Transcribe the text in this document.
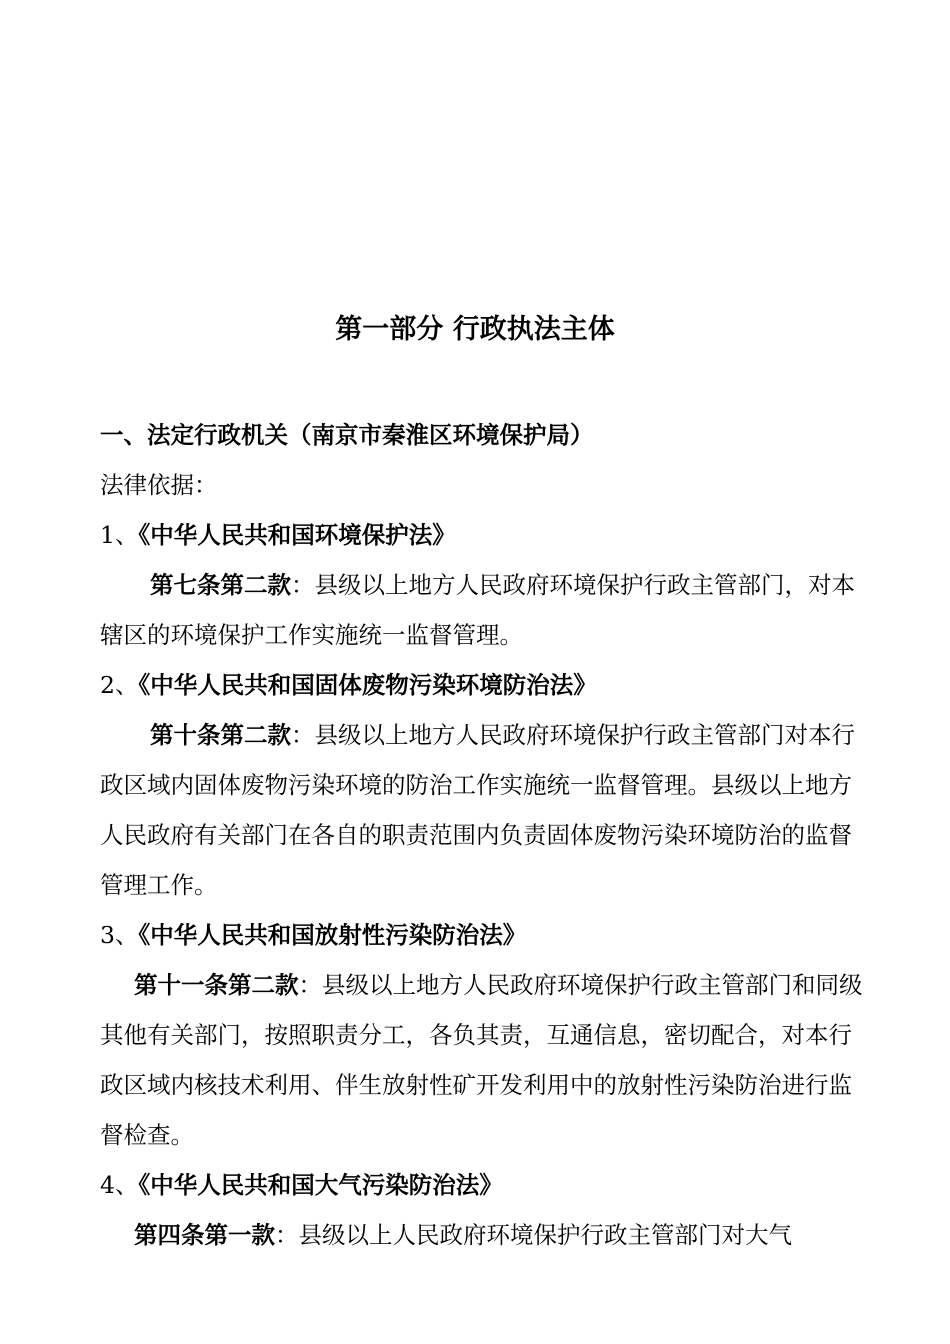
第一部分 行政执法主体

一、法定行政机关（南京市秦淮区环境保护局）

法律依据：

1、《中华人民共和国环境保护法》

第七条第二款：县级以上地方人民政府环境保护行政主管部门，对本辖区的环境保护工作实施统一监督管理。

2、《中华人民共和国固体废物污染环境防治法》

第十条第二款：县级以上地方人民政府环境保护行政主管部门对本行政区域内固体废物污染环境的防治工作实施统一监督管理。县级以上地方人民政府有关部门在各自的职责范围内负责固体废物污染环境防治的监督管理工作。

3、《中华人民共和国放射性污染防治法》

第十一条第二款：县级以上地方人民政府环境保护行政主管部门和同级其他有关部门，按照职责分工，各负其责，互通信息，密切配合，对本行政区域内核技术利用、伴生放射性矿开发利用中的放射性污染防治进行监督检查。

4、《中华人民共和国大气污染防治法》

第四条第一款：县级以上人民政府环境保护行政主管部门对大气
